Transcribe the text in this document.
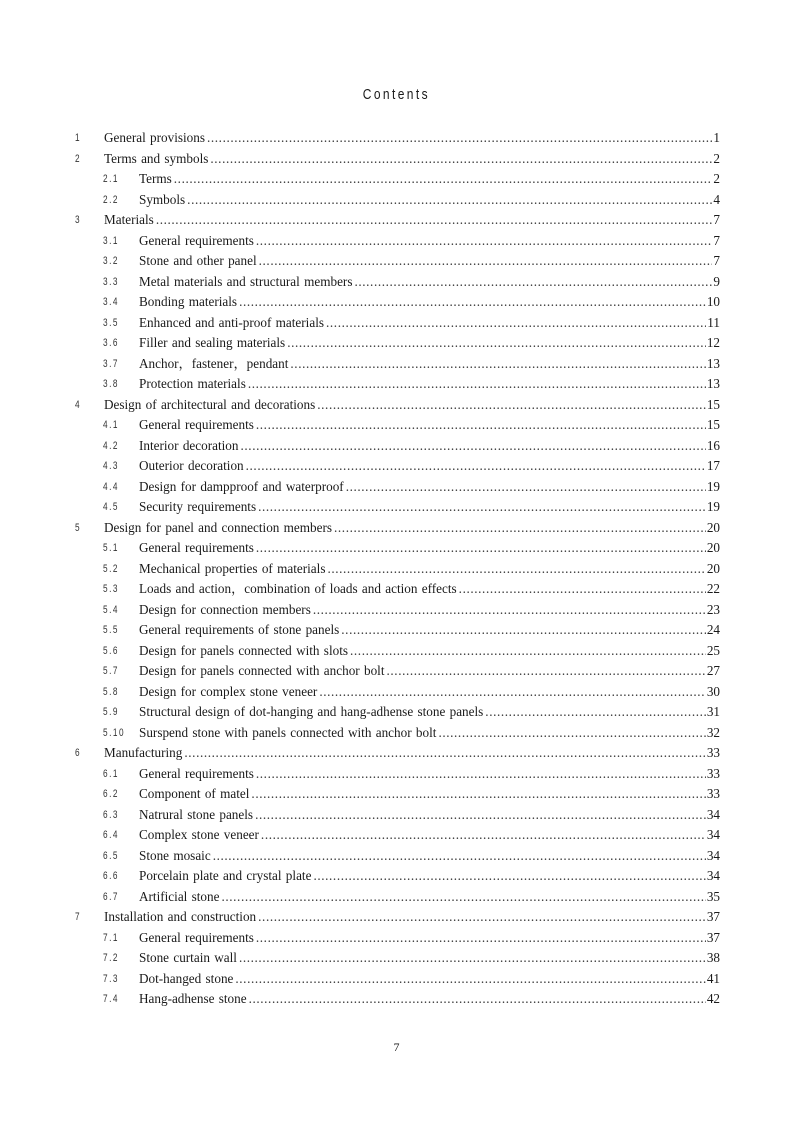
Contents
1 General provisions .....	1
2 Terms and symbols .....	2
2.1 Terms .....	2
2.2 Symbols .....	4
3 Materials .....	7
3.1 General requirements .....	7
3.2 Stone and other panel .....	7
3.3 Metal materials and structural members .....	9
3.4 Bonding materials .....	10
3.5 Enhanced and anti-proof materials .....	11
3.6 Filler and sealing materials .....	12
3.7 Anchor，fastener，pendant .....	13
3.8 Protection materials .....	13
4 Design of architectural and decorations .....	15
4.1 General requirements .....	15
4.2 Interior decoration .....	16
4.3 Outerior decoration .....	17
4.4 Design for dampproof and waterproof .....	19
4.5 Security requirements .....	19
5 Design for panel and connection members .....	20
5.1 General requirements .....	20
5.2 Mechanical properties of materials .....	20
5.3 Loads and action，combination of loads and action effects .....	22
5.4 Design for connection members .....	23
5.5 General requirements of stone panels .....	24
5.6 Design for panels connected with slots .....	25
5.7 Design for panels connected with anchor bolt .....	27
5.8 Design for complex stone veneer .....	30
5.9 Structural design of dot-hanging and hang-adhense stone panels .....	31
5.10 Surspend stone with panels connected with anchor bolt .....	32
6 Manufacturing .....	33
6.1 General requirements .....	33
6.2 Component of matel .....	33
6.3 Natrural stone panels .....	34
6.4 Complex stone veneer .....	34
6.5 Stone mosaic .....	34
6.6 Porcelain plate and crystal plate .....	34
6.7 Artificial stone .....	35
7 Installation and construction .....	37
7.1 General requirements .....	37
7.2 Stone curtain wall .....	38
7.3 Dot-hanged stone .....	41
7.4 Hang-adhense stone .....	42
7
